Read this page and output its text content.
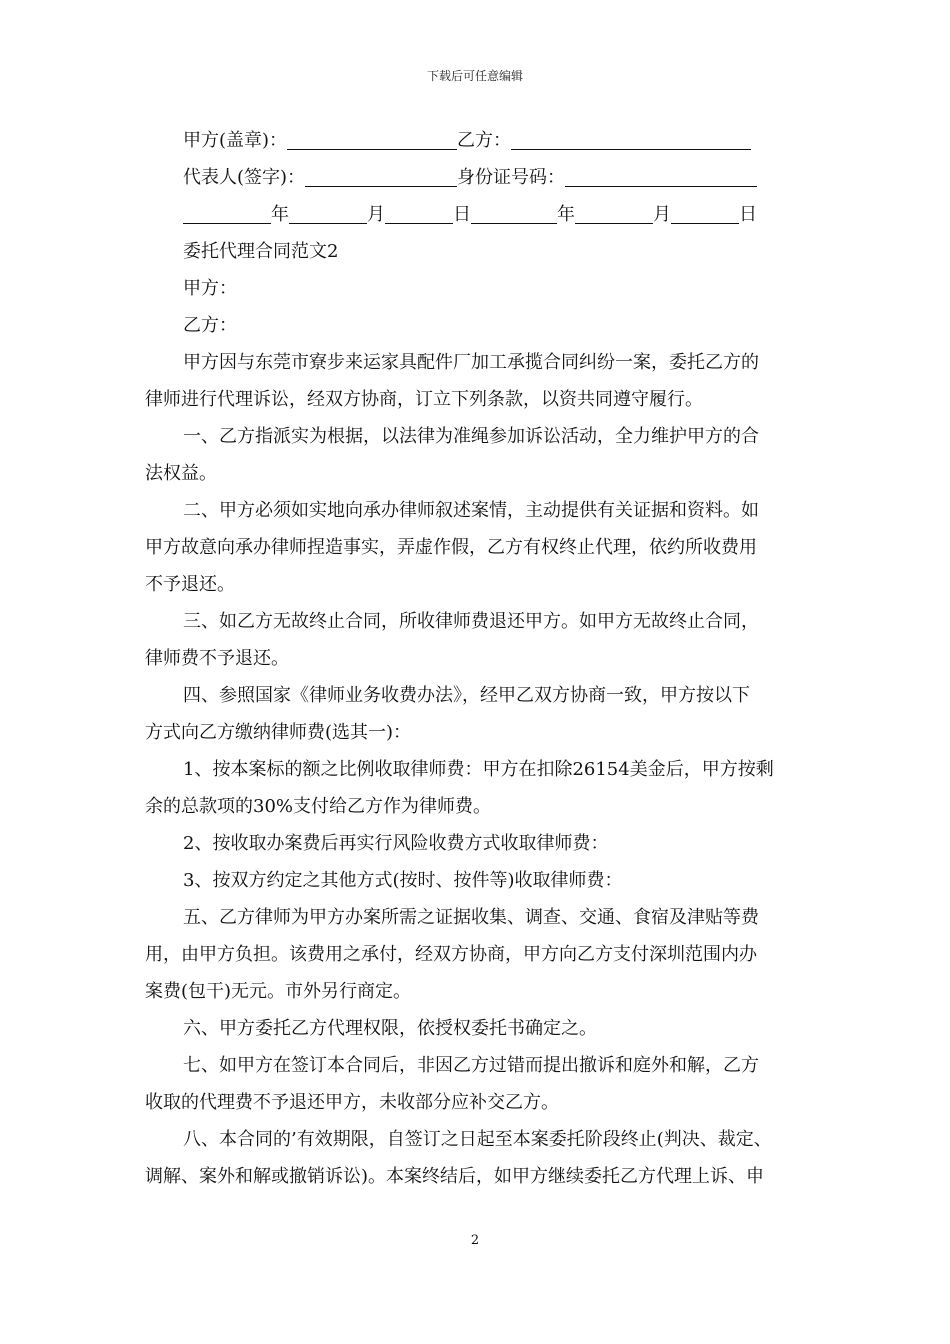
下载后可任意编辑
甲方(盖章)：	乙方：
代表人(签字)：	身份证号码：
年	月	日	年	月	日
委托代理合同范文2
甲方：
乙方：
甲方因与东莞市寮步来运家具配件厂加工承揽合同纠纷一案，委托乙方的
律师进行代理诉讼，经双方协商，订立下列条款，以资共同遵守履行。
一、乙方指派实为根据，以法律为准绳参加诉讼活动，全力维护甲方的合
法权益。
二、甲方必须如实地向承办律师叙述案情，主动提供有关证据和资料。如
甲方故意向承办律师捏造事实，弄虚作假，乙方有权终止代理，依约所收费用
不予退还。
三、如乙方无故终止合同，所收律师费退还甲方。如甲方无故终止合同，
律师费不予退还。
四、参照国家《律师业务收费办法》，经甲乙双方协商一致，甲方按以下
方式向乙方缴纳律师费(选其一)：
1、按本案标的额之比例收取律师费：甲方在扣除26154美金后，甲方按剩
余的总款项的30%支付给乙方作为律师费。
2、按收取办案费后再实行风险收费方式收取律师费：
3、按双方约定之其他方式(按时、按件等)收取律师费：
五、乙方律师为甲方办案所需之证据收集、调查、交通、食宿及津贴等费
用，由甲方负担。该费用之承付，经双方协商，甲方向乙方支付深圳范围内办
案费(包干)无元。市外另行商定。
六、甲方委托乙方代理权限，依授权委托书确定之。
七、如甲方在签订本合同后，非因乙方过错而提出撤诉和庭外和解，乙方
收取的代理费不予退还甲方，未收部分应补交乙方。
八、本合同的’有效期限，自签订之日起至本案委托阶段终止(判决、裁定、
调解、案外和解或撤销诉讼)。本案终结后，如甲方继续委托乙方代理上诉、申
2
